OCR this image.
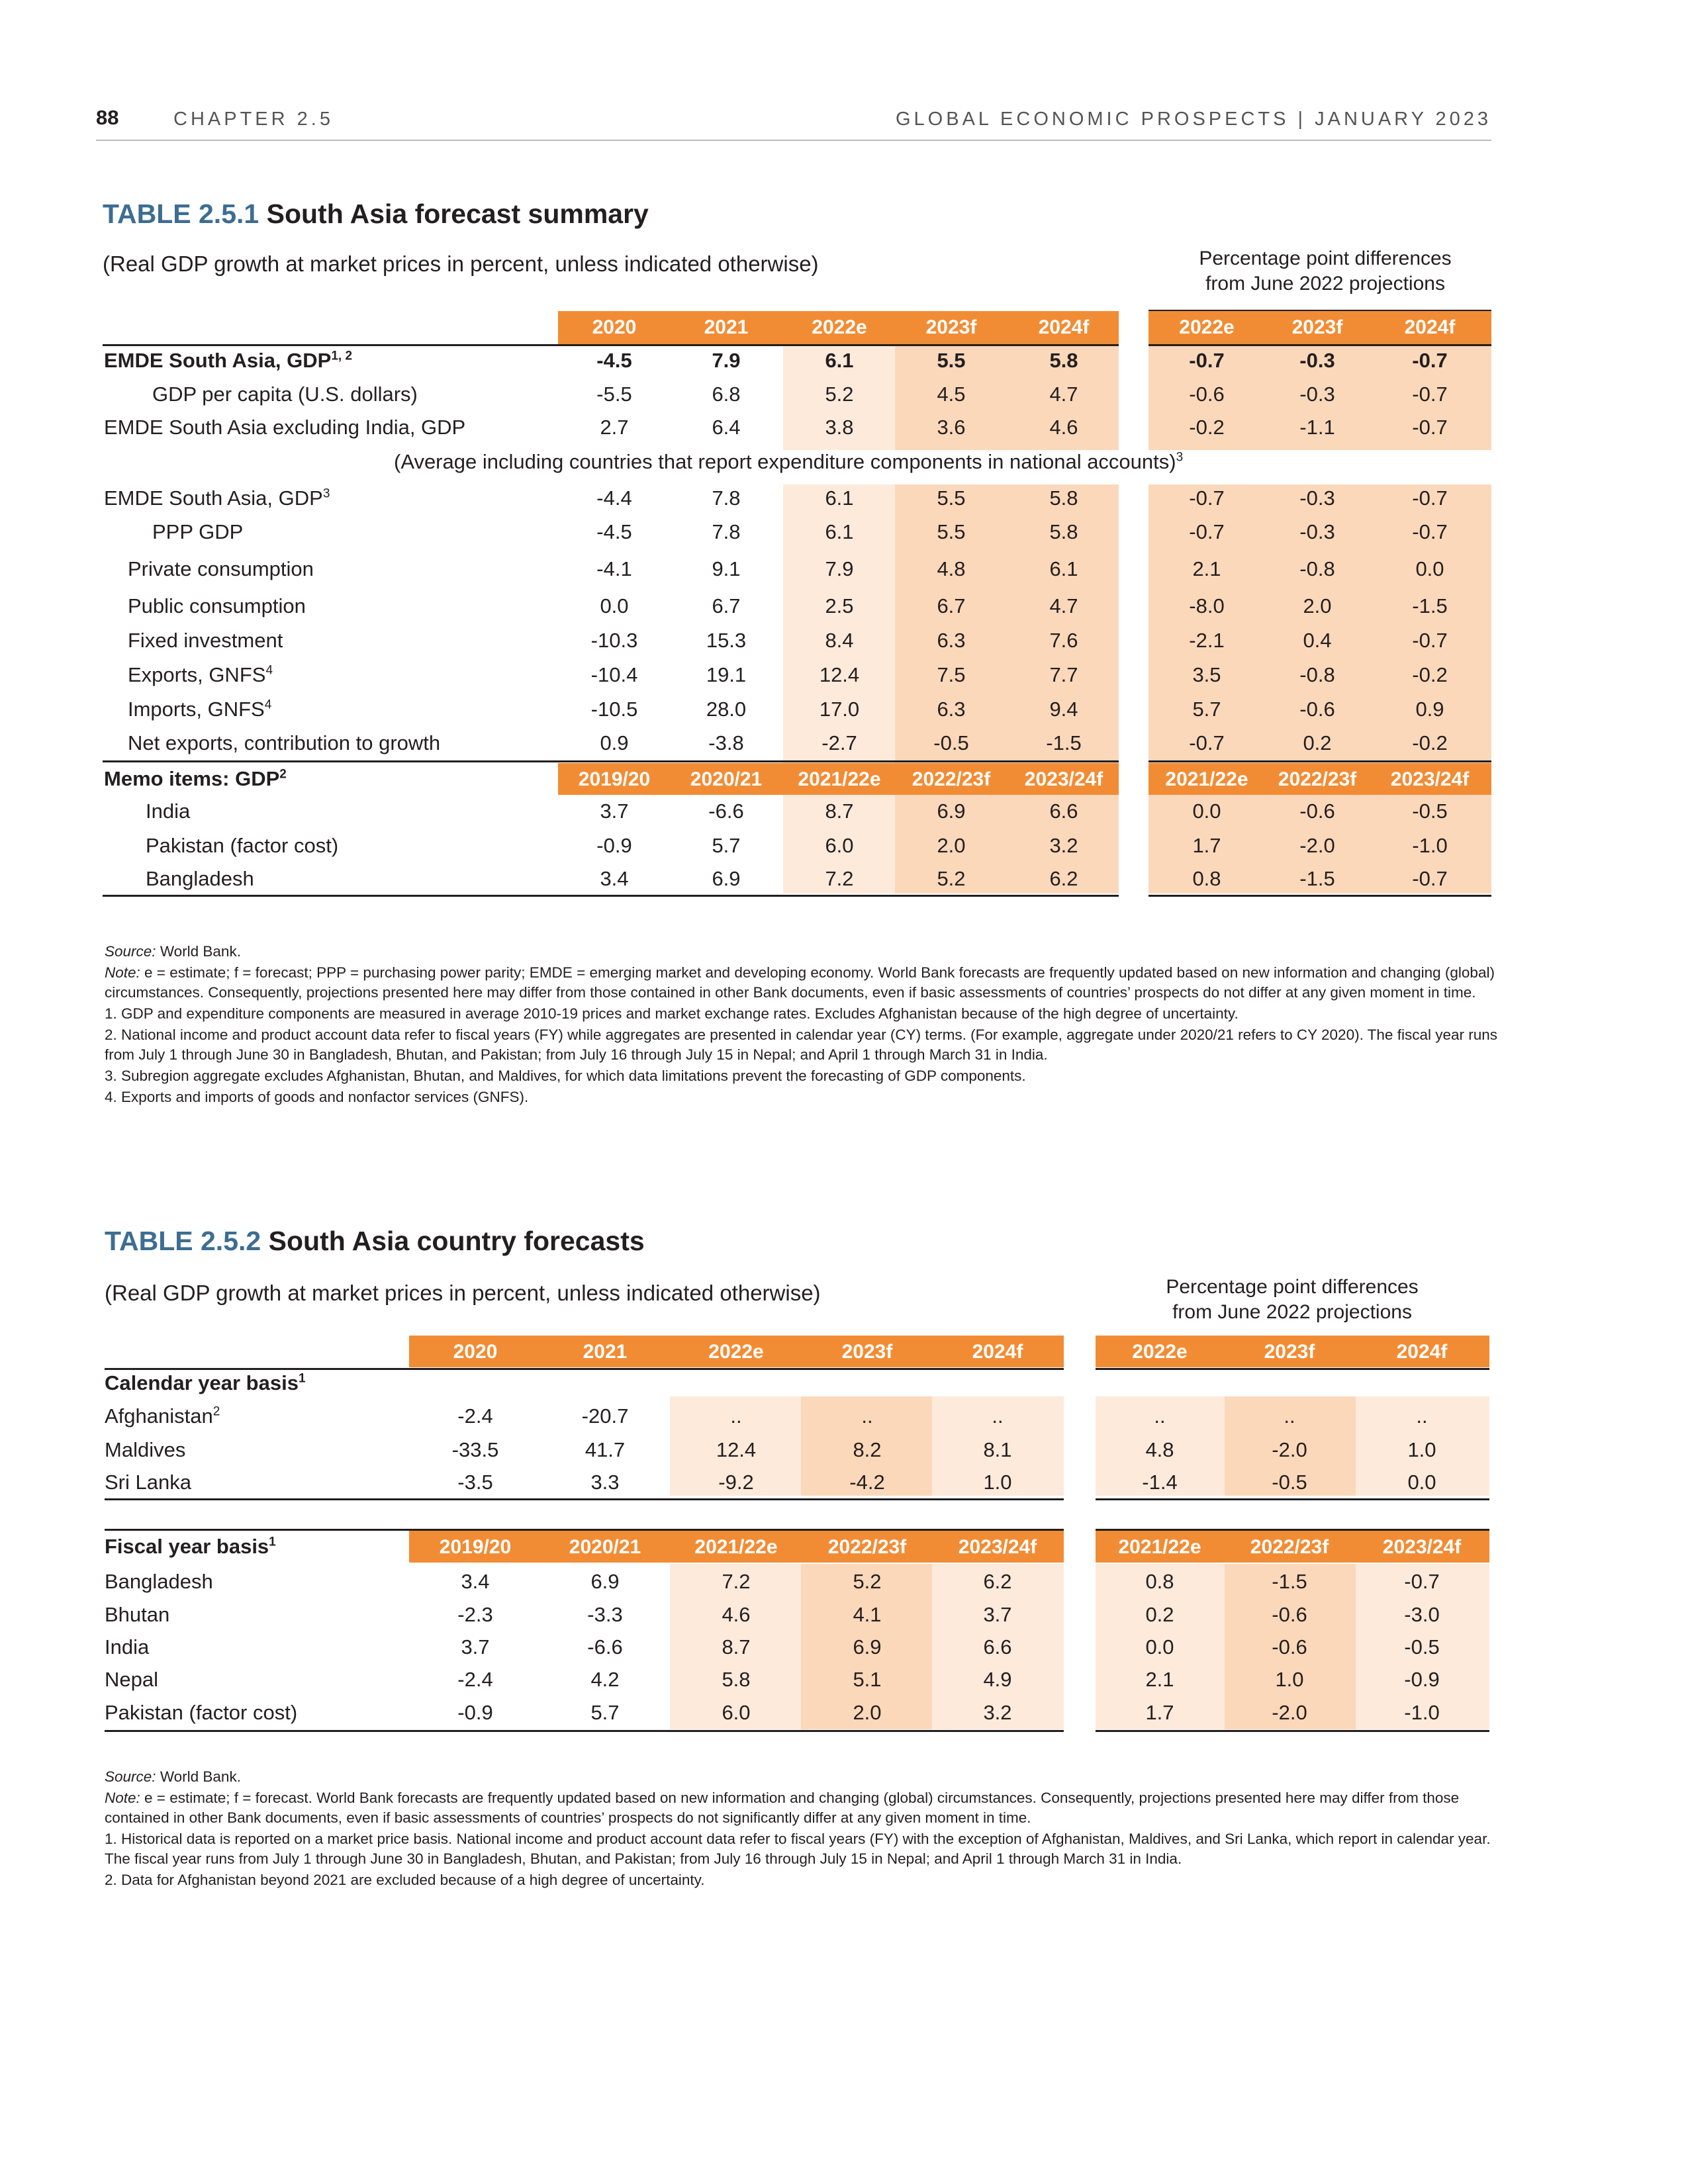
88	CHAPTER 2.5	GLOBAL ECONOMIC PROSPECTS | JANUARY 2023
TABLE 2.5.1 South Asia forecast summary
(Real GDP growth at market prices in percent, unless indicated otherwise)	Percentage point differences
from June 2022 projections
2020	2021	2022e	2023f	2024f	2022e	2023f	2024f
EMDE South Asia, GDP$^{1, 2}$	-4.5	7.9	6.1	5.5	5.8	-0.7	-0.3	-0.7
GDP per capita (U.S. dollars)	-5.5	6.8	5.2	4.5	4.7	-0.6	-0.3	-0.7
EMDE South Asia excluding India, GDP	2.7	6.4	3.8	3.6	4.6	-0.2	-1.1	-0.7
EMDE South Asia, GDP$^3$	-4.4	7.8	6.1	5.5	5.8	-0.7	-0.3	-0.7
PPP GDP	-4.5	7.8	6.1	5.5	5.8	-0.7	-0.3	-0.7
Private consumption	-4.1	9.1	7.9	4.8	6.1	2.1	-0.8	0.0
Public consumption	0.0	6.7	2.5	6.7	4.7	-8.0	2.0	-1.5
Fixed investment	-10.3	15.3	8.4	6.3	7.6	-2.1	0.4	-0.7
Exports, GNFS$^4$	-10.4	19.1	12.4	7.5	7.7	3.5	-0.8	-0.2
Imports, GNFS$^4$	-10.5	28.0	17.0	6.3	9.4	5.7	-0.6	0.9
Net exports, contribution to growth	0.9	-3.8	-2.7	-0.5	-1.5	-0.7	0.2	-0.2
(Average including countries that report expenditure components in national accounts)$^3$
Memo items: GDP$^2$	2019/20	2020/21	2021/22e	2022/23f	2023/24f	2021/22e	2022/23f	2023/24f
India	3.7	-6.6	8.7	6.9	6.6	0.0	-0.6	-0.5
Pakistan (factor cost)	-0.9	5.7	6.0	2.0	3.2	1.7	-2.0	-1.0
Bangladesh	3.4	6.9	7.2	5.2	6.2	0.8	-1.5	-0.7

Source: World Bank.

Note: e = estimate; f = forecast; PPP = purchasing power parity; EMDE = emerging market and developing economy. World Bank forecasts are frequently updated based on new information and changing (global) circumstances. Consequently, projections presented here may differ from those contained in other Bank documents, even if basic assessments of countries’ prospects do not differ at any given moment in time.

1. GDP and expenditure components are measured in average 2010-19 prices and market exchange rates. Excludes Afghanistan because of the high degree of uncertainty.

2. National income and product account data refer to fiscal years (FY) while aggregates are presented in calendar year (CY) terms. (For example, aggregate under 2020/21 refers to CY 2020). The fiscal year runs from July 1 through June 30 in Bangladesh, Bhutan, and Pakistan; from July 16 through July 15 in Nepal; and April 1 through March 31 in India.

3. Subregion aggregate excludes Afghanistan, Bhutan, and Maldives, for which data limitations prevent the forecasting of GDP components.

4. Exports and imports of goods and nonfactor services (GNFS).

TABLE 2.5.2 South Asia country forecasts
(Real GDP growth at market prices in percent, unless indicated otherwise)	Percentage point differences
from June 2022 projections
2020	2021	2022e	2023f	2024f	2022e	2023f	2024f
Calendar year basis$^1$
Afghanistan$^2$	-2.4	-20.7	..	..	..	..	..	..
Maldives	-33.5	41.7	12.4	8.2	8.1	4.8	-2.0	1.0
Sri Lanka	-3.5	3.3	-9.2	-4.2	1.0	-1.4	-0.5	0.0
Fiscal year basis$^1$	2019/20	2020/21	2021/22e	2022/23f	2023/24f	2021/22e	2022/23f	2023/24f
Bangladesh	3.4	6.9	7.2	5.2	6.2	0.8	-1.5	-0.7
Bhutan	-2.3	-3.3	4.6	4.1	3.7	0.2	-0.6	-3.0
India	3.7	-6.6	8.7	6.9	6.6	0.0	-0.6	-0.5
Nepal	-2.4	4.2	5.8	5.1	4.9	2.1	1.0	-0.9
Pakistan (factor cost)	-0.9	5.7	6.0	2.0	3.2	1.7	-2.0	-1.0

Source: World Bank.

Note: e = estimate; f = forecast. World Bank forecasts are frequently updated based on new information and changing (global) circumstances. Consequently, projections presented here may differ from those contained in other Bank documents, even if basic assessments of countries’ prospects do not significantly differ at any given moment in time.

1. Historical data is reported on a market price basis. National income and product account data refer to fiscal years (FY) with the exception of Afghanistan, Maldives, and Sri Lanka, which report in calendar year. The fiscal year runs from July 1 through June 30 in Bangladesh, Bhutan, and Pakistan; from July 16 through July 15 in Nepal; and April 1 through March 31 in India.

2. Data for Afghanistan beyond 2021 are excluded because of a high degree of uncertainty.
